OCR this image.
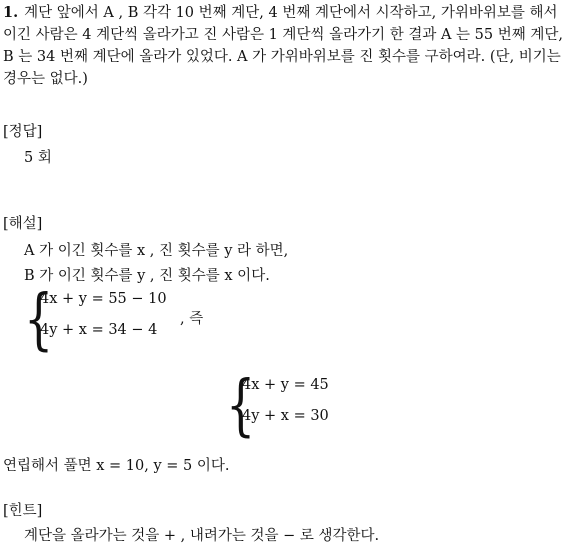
1. 계단 앞에서 A , B 각각 10 번째 계단, 4 번째 계단에서 시작하고, 가위바위보를 해서 이긴 사람은 4 계단씩 올라가고 진 사람은 1 계단씩 올라가기 한 결과 A 는 55 번째 계단, B 는 34 번째 계단에 올라가 있었다. A 가 가위바위보를 진 횟수를 구하여라. (단, 비기는 경우는 없다.)
[정답]
5 회
[해설]
A 가 이긴 횟수를 x , 진 횟수를 y 라 하면,
B 가 이긴 횟수를 y , 진 횟수를 x 이다.
{
4x + y = 55 − 10
4y + x = 34 − 4
, 즉
{
4x + y = 45
4y + x = 30
연립해서 풀면 x = 10, y = 5 이다.
[힌트]
계단을 올라가는 것을 + , 내려가는 것을 − 로 생각한다.
